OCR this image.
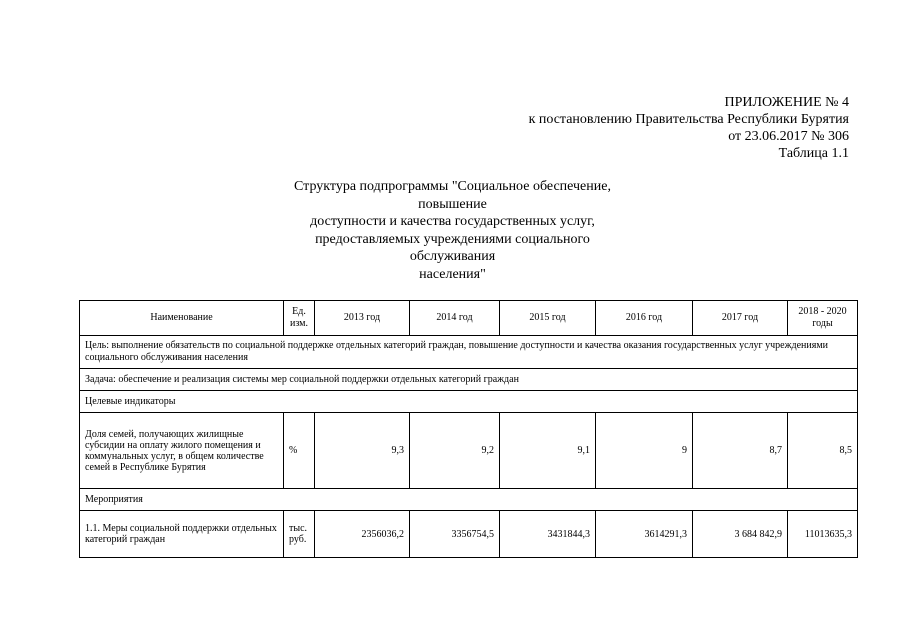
ПРИЛОЖЕНИЕ № 4
к постановлению Правительства Республики Бурятия
от 23.06.2017 № 306
Таблица 1.1
Структура подпрограммы "Социальное обеспечение,
повышение
доступности и качества государственных услуг,
предоставляемых учреждениями социального
обслуживания
населения"
Наименование	Ед. изм.	2013 год	2014 год	2015 год	2016 год	2017 год	2018 - 2020 годы
Цель: выполнение обязательств по социальной поддержке отдельных категорий граждан, повышение доступности и качества оказания государственных услуг учреждениями социального обслуживания населения							
Задача: обеспечение и реализация системы мер социальной поддержки отдельных категорий граждан							
Целевые индикаторы							
Доля семей, получающих жилищные субсидии на оплату жилого помещения и коммунальных услуг, в общем количестве семей в Республике Бурятия	%	9,3	9,2	9,1	9	8,7	8,5
Мероприятия							
1.1. Меры социальной поддержки отдельных категорий граждан	тыс. руб.	2356036,2	3356754,5	3431844,3	3614291,3	3 684 842,9	11013635,3
